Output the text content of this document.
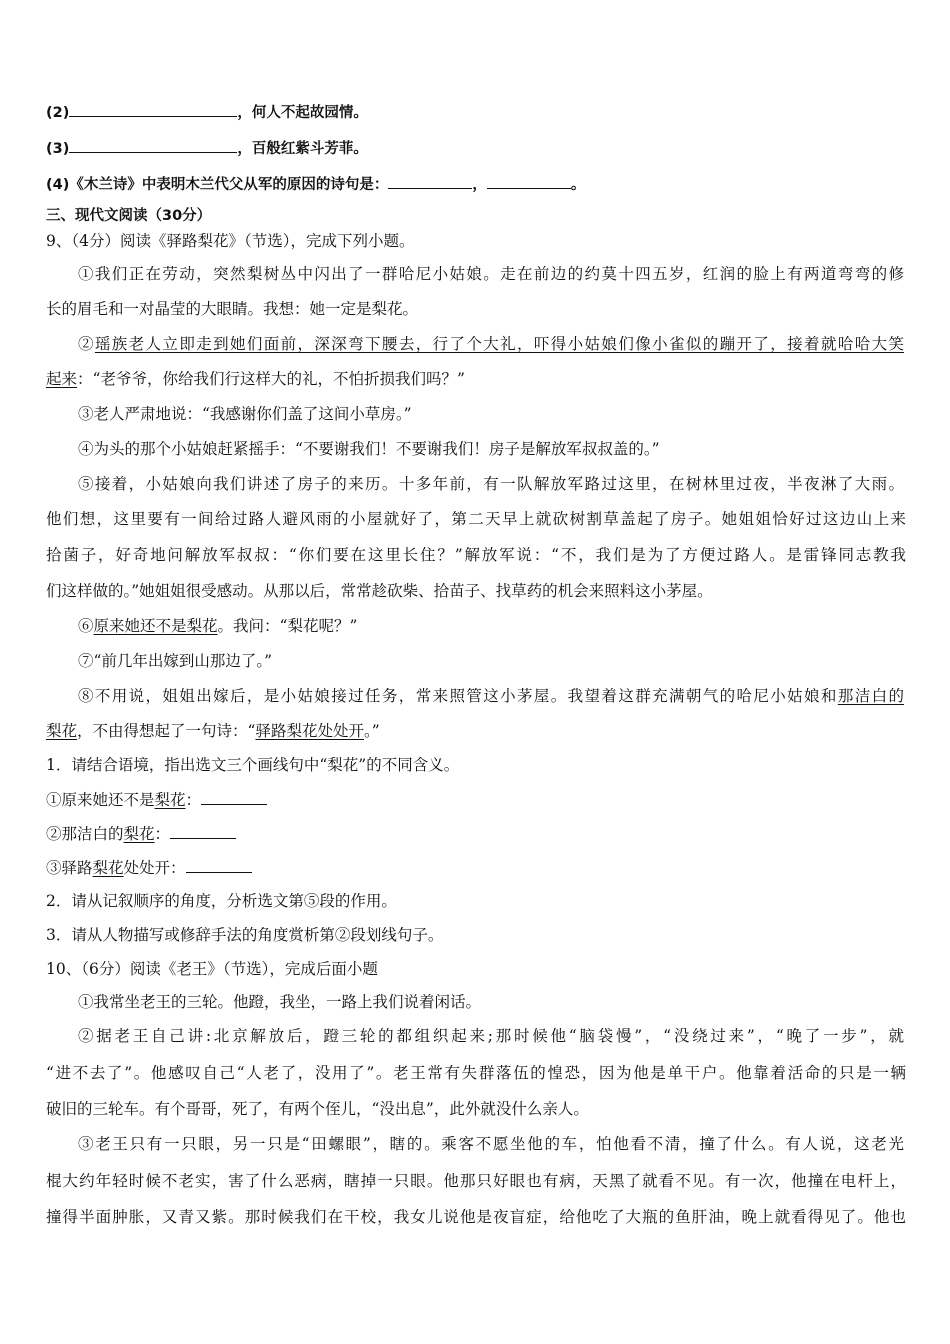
(2)	，何人不起故园情。
(3)	，百般红紫斗芳菲。
(4)《木兰诗》中表明木兰代父从军的原因的诗句是：	，	。
三、现代文阅读（30分）
9、（4分）阅读《驿路梨花》（节选），完成下列小题。
①我们正在劳动，突然梨树丛中闪出了一群哈尼小姑娘。走在前边的约莫十四五岁，红润的脸上有两道弯弯的修
长的眉毛和一对晶莹的大眼睛。我想：她一定是梨花。
②瑶族老人立即走到她们面前，深深弯下腰去，行了个大礼，吓得小姑娘们像小雀似的蹦开了，接着就哈哈大笑
起来：“老爷爷，你给我们行这样大的礼，不怕折损我们吗？”
③老人严肃地说：“我感谢你们盖了这间小草房。”
④为头的那个小姑娘赶紧摇手：“不要谢我们！不要谢我们！房子是解放军叔叔盖的。”
⑤接着，小姑娘向我们讲述了房子的来历。十多年前，有一队解放军路过这里，在树林里过夜，半夜淋了大雨。
他们想，这里要有一间给过路人避风雨的小屋就好了，第二天早上就砍树割草盖起了房子。她姐姐恰好过这边山上来
拾菌子，好奇地问解放军叔叔：“你们要在这里长住？”解放军说：“不，我们是为了方便过路人。是雷锋同志教我
们这样做的。”她姐姐很受感动。从那以后，常常趁砍柴、拾苗子、找草药的机会来照料这小茅屋。
⑥原来她还不是梨花。我问：“梨花呢？”
⑦“前几年出嫁到山那边了。”
⑧不用说，姐姐出嫁后，是小姑娘接过任务，常来照管这小茅屋。我望着这群充满朝气的哈尼小姑娘和那洁白的
梨花，不由得想起了一句诗：“驿路梨花处处开。”
1．请结合语境，指出选文三个画线句中“梨花”的不同含义。
①原来她还不是梨花：
②那洁白的梨花：
③驿路梨花处处开：
2．请从记叙顺序的角度，分析选文第⑤段的作用。
3．请从人物描写或修辞手法的角度赏析第②段划线句子。
10、（6分）阅读《老王》（节选），完成后面小题
①我常坐老王的三轮。他蹬，我坐，一路上我们说着闲话。
②据老王自己讲:北京解放后，蹬三轮的都组织起来;那时候他“脑袋慢”，“没绕过来”，“晚了一步”，就
“进不去了”。他感叹自己“人老了，没用了”。老王常有失群落伍的惶恐，因为他是单干户。他靠着活命的只是一辆
破旧的三轮车。有个哥哥，死了，有两个侄儿，“没出息”，此外就没什么亲人。
③老王只有一只眼，另一只是“田螺眼”，瞎的。乘客不愿坐他的车，怕他看不清，撞了什么。有人说，这老光
棍大约年轻时候不老实，害了什么恶病，瞎掉一只眼。他那只好眼也有病，天黑了就看不见。有一次，他撞在电杆上，
撞得半面肿胀，又青又紫。那时候我们在干校，我女儿说他是夜盲症，给他吃了大瓶的鱼肝油，晚上就看得见了。他也
